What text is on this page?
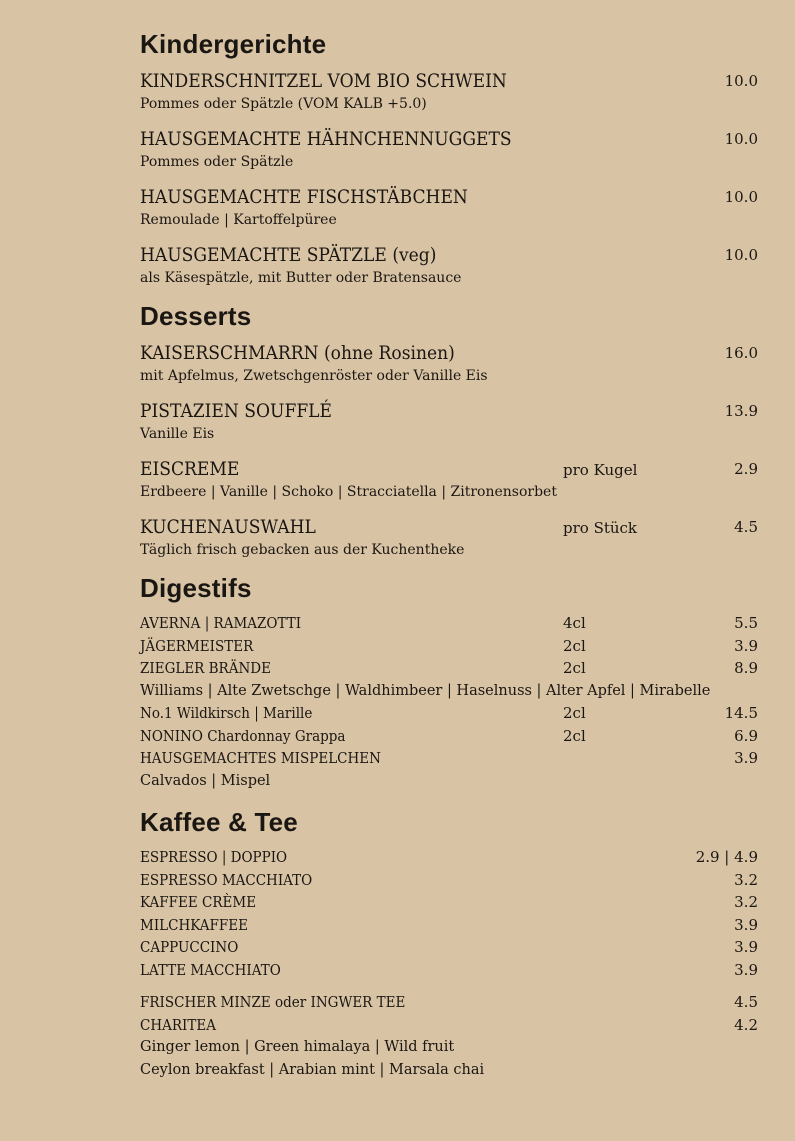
Kindergerichte
KINDERSCHNITZEL VOM BIO SCHWEIN	10.0
Pommes oder Spätzle (VOM KALB +5.0)
HAUSGEMACHTE HÄHNCHENNUGGETS	10.0
Pommes oder Spätzle
HAUSGEMACHTE FISCHSTÄBCHEN	10.0
Remoulade | Kartoffelpüree
HAUSGEMACHTE SPÄTZLE (veg)	10.0
als Käsespätzle, mit Butter oder Bratensauce
Desserts
KAISERSCHMARRN (ohne Rosinen)	16.0
mit Apfelmus, Zwetschgenröster oder Vanille Eis
PISTAZIEN SOUFFLÉ	13.9
Vanille Eis
EISCREME	pro Kugel	2.9
Erdbeere | Vanille | Schoko | Stracciatella | Zitronensorbet
KUCHENAUSWAHL	pro Stück	4.5
Täglich frisch gebacken aus der Kuchentheke
Digestifs
AVERNA | RAMAZOTTI	4cl	5.5
JÄGERMEISTER	2cl	3.9
ZIEGLER BRÄNDE	2cl	8.9
Williams | Alte Zwetschge | Waldhimbeer | Haselnuss | Alter Apfel | Mirabelle
No.1 Wildkirsch | Marille	2cl	14.5
NONINO Chardonnay Grappa	2cl	6.9
HAUSGEMACHTES MISPELCHEN	3.9
Calvados | Mispel
Kaffee & Tee
ESPRESSO | DOPPIO	2.9 | 4.9
ESPRESSO MACCHIATO	3.2
KAFFEE CRÈME	3.2
MILCHKAFFEE	3.9
CAPPUCCINO	3.9
LATTE MACCHIATO	3.9
FRISCHER MINZE oder INGWER TEE	4.5
CHARITEA	4.2
Ginger lemon | Green himalaya | Wild fruit
Ceylon breakfast | Arabian mint | Marsala chai
